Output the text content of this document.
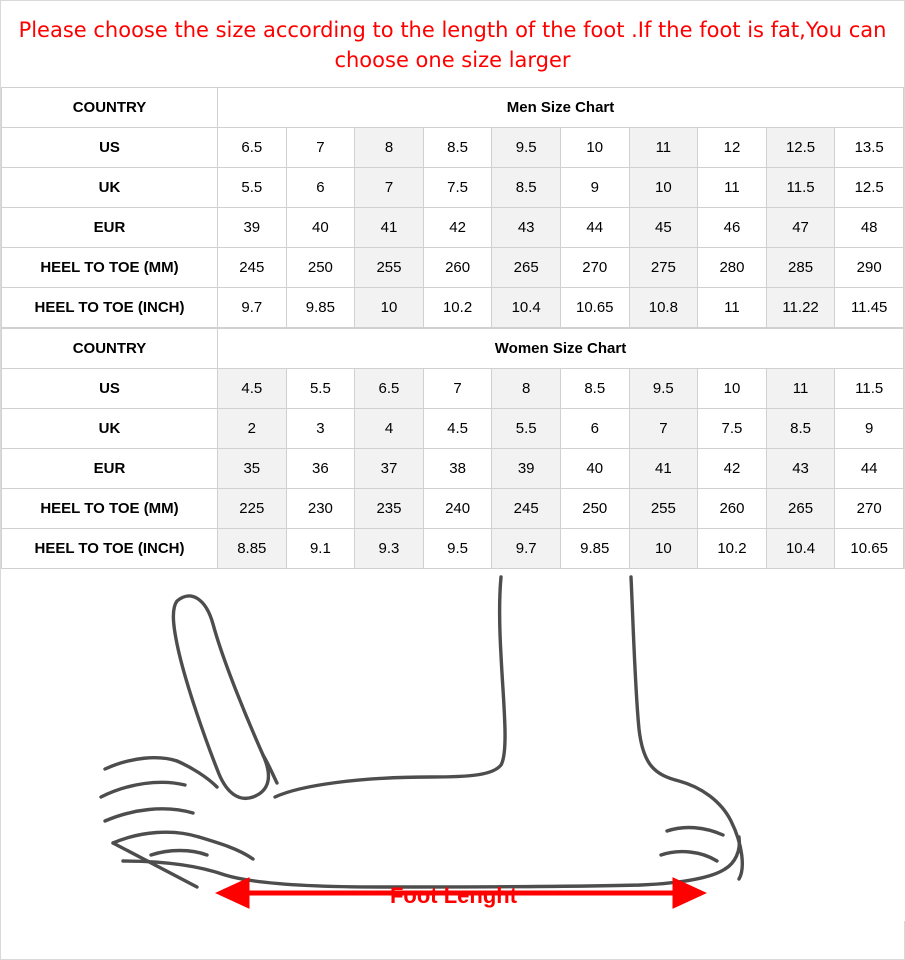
Please choose the size according to the length of the foot .If the foot is fat,You can choose one size larger
COUNTRY	Men Size Chart									
US	6.5	7	8	8.5	9.5	10	11	12	12.5	13.5
UK	5.5	6	7	7.5	8.5	9	10	11	11.5	12.5
EUR	39	40	41	42	43	44	45	46	47	48
HEEL TO TOE (MM)	245	250	255	260	265	270	275	280	285	290
HEEL TO TOE (INCH)	9.7	9.85	10	10.2	10.4	10.65	10.8	11	11.22	11.45
COUNTRY	Women Size Chart									
US	4.5	5.5	6.5	7	8	8.5	9.5	10	11	11.5
UK	2	3	4	4.5	5.5	6	7	7.5	8.5	9
EUR	35	36	37	38	39	40	41	42	43	44
HEEL TO TOE (MM)	225	230	235	240	245	250	255	260	265	270
HEEL TO TOE (INCH)	8.85	9.1	9.3	9.5	9.7	9.85	10	10.2	10.4	10.65
Foot Lenght
